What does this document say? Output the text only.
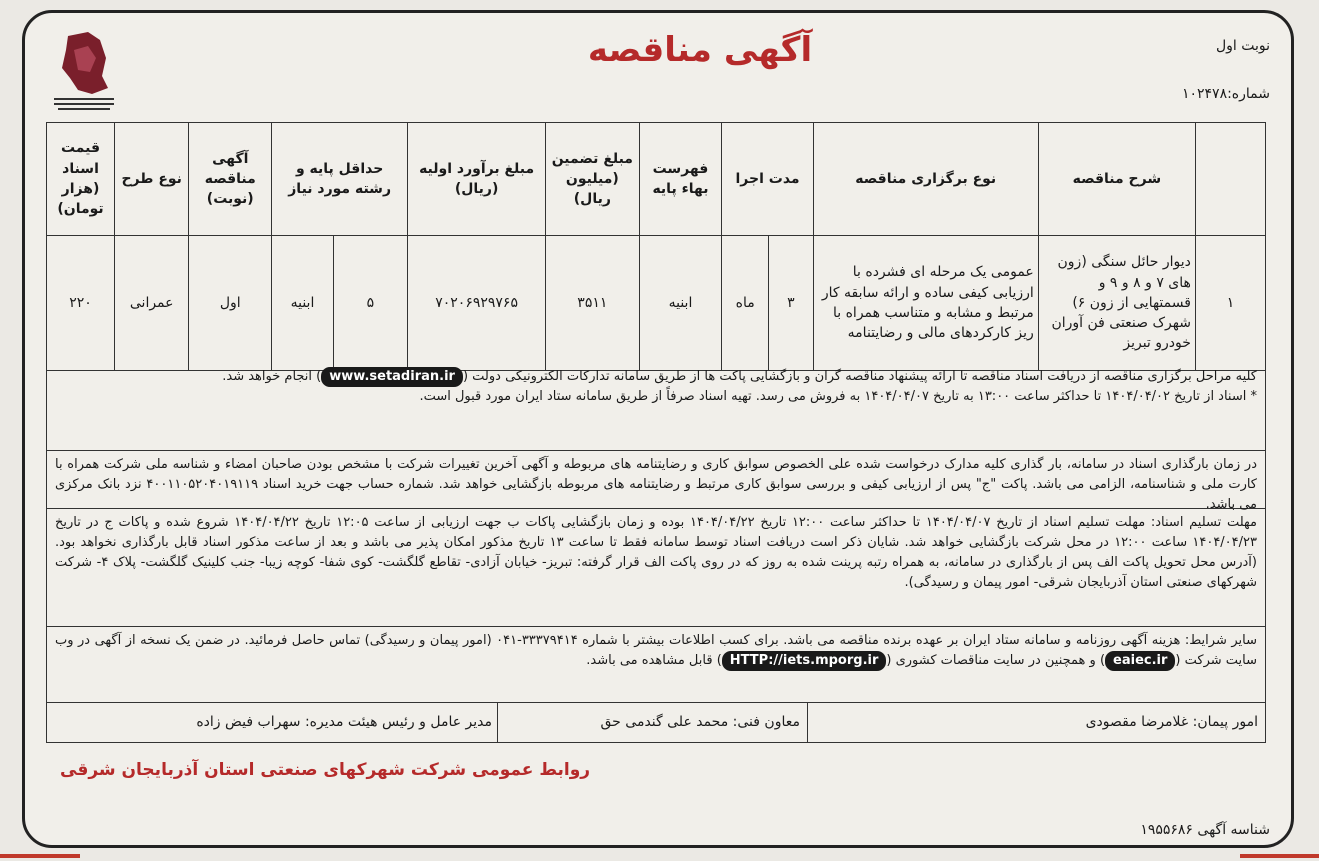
نوبت اول
شماره:۱۰۲۴۷۸
آگهی مناقصه
	شرح مناقصه	نوع برگزاری مناقصه	مدت اجرا		فهرست بهاء پایه	مبلغ تضمین (میلیون ریال)	مبلغ برآورد اولیه (ریال)	حداقل پایه و رشته مورد نیاز		آگهی مناقصه (نوبت)	نوع طرح	قیمت اسناد (هزار تومان)
۱	دیوار حائل سنگی (زون های ۷ و ۸ و ۹ و قسمتهایی از زون ۶) شهرک صنعتی فن آوران خودرو تبریز	عمومی یک مرحله ای فشرده با ارزیابی کیفی ساده و ارائه سابقه کار مرتبط و مشابه و متناسب همراه با ریز کارکردهای مالی و رضایتنامه	۳	ماه	ابنیه	۳۵۱۱	۷۰۲۰۶۹۲۹۷۶۵	۵	ابنیه	اول	عمرانی	۲۲۰
کلیه مراحل برگزاری مناقصه از دریافت اسناد مناقصه تا ارائه پیشنهاد مناقصه گران و بازگشایی پاکت ها از طریق سامانه تدارکات الکترونیکی دولت (www.setadiran.ir) انجام خواهد شد.
* اسناد از تاریخ ۱۴۰۴/۰۴/۰۲ تا حداکثر ساعت ۱۳:۰۰ به تاریخ ۱۴۰۴/۰۴/۰۷ به فروش می رسد. تهیه اسناد صرفاً از طریق سامانه ستاد ایران مورد قبول است.
در زمان بارگذاری اسناد در سامانه، بار گذاری کلیه مدارک درخواست شده علی الخصوص سوابق کاری و رضایتنامه های مربوطه و آگهی آخرین تغییرات شرکت با مشخص بودن صاحبان امضاء و شناسه ملی شرکت همراه با کارت ملی و شناسنامه، الزامی می باشد. پاکت "ج" پس از ارزیابی کیفی و بررسی سوابق کاری مرتبط و رضایتنامه های مربوطه بازگشایی خواهد شد. شماره حساب جهت خرید اسناد ۴۰۰۱۱۰۵۲۰۴۰۱۹۱۱۹ نزد بانک مرکزی می باشد.
مهلت تسلیم اسناد: مهلت تسلیم اسناد از تاریخ ۱۴۰۴/۰۴/۰۷ تا حداکثر ساعت ۱۲:۰۰ تاریخ ۱۴۰۴/۰۴/۲۲ بوده و زمان بازگشایی پاکات ب جهت ارزیابی از ساعت ۱۲:۰۵ تاریخ ۱۴۰۴/۰۴/۲۲ شروع شده و پاکات ج در تاریخ ۱۴۰۴/۰۴/۲۳ ساعت ۱۲:۰۰ در محل شرکت بازگشایی خواهد شد. شایان ذکر است دریافت اسناد توسط سامانه فقط تا ساعت ۱۳ تاریخ مذکور امکان پذیر می باشد و بعد از ساعت مذکور اسناد قابل بارگذاری نخواهد بود. (آدرس محل تحویل پاکت الف پس از بارگذاری در سامانه، به همراه رتبه پرینت شده به روز که در روی پاکت الف قرار گرفته: تبریز- خیابان آزادی- تقاطع گلگشت- کوی شفا- کوچه زیبا- جنب کلینیک گلگشت- پلاک ۴- شرکت شهرکهای صنعتی استان آذربایجان شرقی- امور پیمان و رسیدگی).
سایر شرایط: هزینه آگهی روزنامه و سامانه ستاد ایران بر عهده برنده مناقصه می باشد. برای کسب اطلاعات بیشتر با شماره ۳۳۳۷۹۴۱۴-۰۴۱ (امور پیمان و رسیدگی) تماس حاصل فرمائید. در ضمن یک نسخه از آگهی در وب سایت شرکت (eaiec.ir) و همچنین در سایت مناقصات کشوری (HTTP://iets.mporg.ir) قابل مشاهده می باشد.
امور پیمان: غلامرضا مقصودی
معاون فنی: محمد علی گندمی حق
مدیر عامل و رئیس هیئت مدیره: سهراب فیض زاده
روابط عمومی شرکت شهرکهای صنعتی استان آذربایجان شرقی
شناسه آگهی ۱۹۵۵۶۸۶
